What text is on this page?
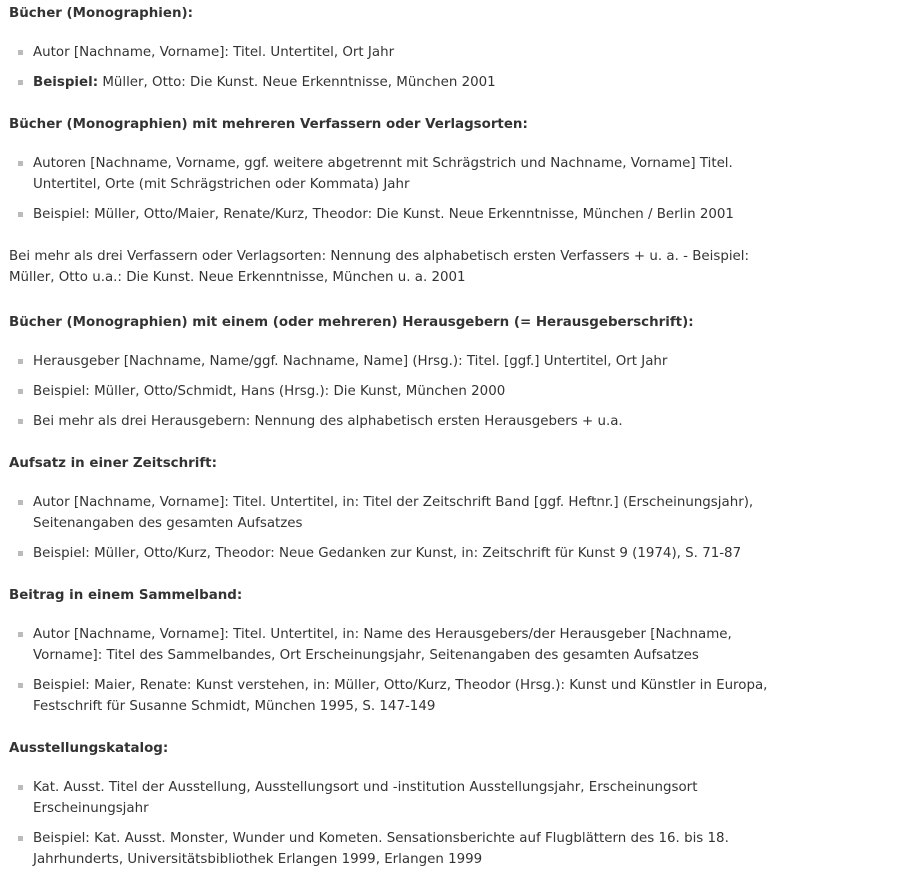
Bücher (Monographien):
Autor [Nachname, Vorname]: Titel. Untertitel, Ort Jahr
Beispiel: Müller, Otto: Die Kunst. Neue Erkenntnisse, München 2001
Bücher (Monographien) mit mehreren Verfassern oder Verlagsorten:
Autoren [Nachname, Vorname, ggf. weitere abgetrennt mit Schrägstrich und Nachname, Vorname] Titel.
Untertitel, Orte (mit Schrägstrichen oder Kommata) Jahr
Beispiel: Müller, Otto/Maier, Renate/Kurz, Theodor: Die Kunst. Neue Erkenntnisse, München / Berlin 2001

Bei mehr als drei Verfassern oder Verlagsorten: Nennung des alphabetisch ersten Verfassers + u. a. - Beispiel:
Müller, Otto u.a.: Die Kunst. Neue Erkenntnisse, München u. a. 2001

Bücher (Monographien) mit einem (oder mehreren) Herausgebern (= Herausgeberschrift):
Herausgeber [Nachname, Name/ggf. Nachname, Name] (Hrsg.): Titel. [ggf.] Untertitel, Ort Jahr
Beispiel: Müller, Otto/Schmidt, Hans (Hrsg.): Die Kunst, München 2000
Bei mehr als drei Herausgebern: Nennung des alphabetisch ersten Herausgebers + u.a.
Aufsatz in einer Zeitschrift:
Autor [Nachname, Vorname]: Titel. Untertitel, in: Titel der Zeitschrift Band [ggf. Heftnr.] (Erscheinungsjahr),
Seitenangaben des gesamten Aufsatzes
Beispiel: Müller, Otto/Kurz, Theodor: Neue Gedanken zur Kunst, in: Zeitschrift für Kunst 9 (1974), S. 71-87
Beitrag in einem Sammelband:
Autor [Nachname, Vorname]: Titel. Untertitel, in: Name des Herausgebers/der Herausgeber [Nachname,
Vorname]: Titel des Sammelbandes, Ort Erscheinungsjahr, Seitenangaben des gesamten Aufsatzes
Beispiel: Maier, Renate: Kunst verstehen, in: Müller, Otto/Kurz, Theodor (Hrsg.): Kunst und Künstler in Europa,
Festschrift für Susanne Schmidt, München 1995, S. 147-149
Ausstellungskatalog:
Kat. Ausst. Titel der Ausstellung, Ausstellungsort und -institution Ausstellungsjahr, Erscheinungsort
Erscheinungsjahr
Beispiel: Kat. Ausst. Monster, Wunder und Kometen. Sensationsberichte auf Flugblättern des 16. bis 18.
Jahrhunderts, Universitätsbibliothek Erlangen 1999, Erlangen 1999
